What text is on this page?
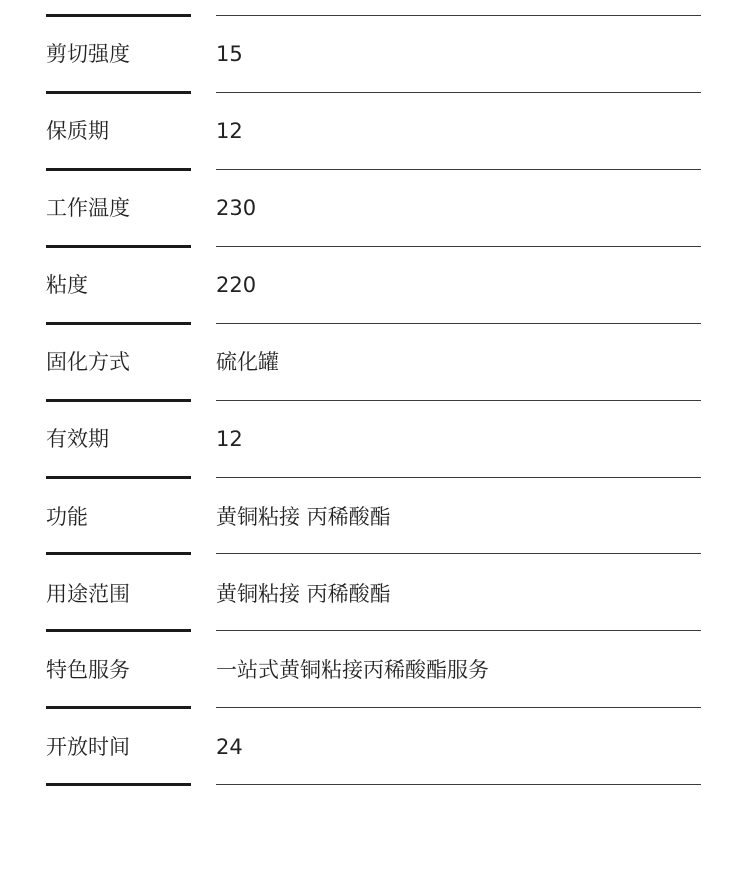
剪切强度	15
保质期	12
工作温度	230
粘度	220
固化方式	硫化罐
有效期	12
功能	黄铜粘接 丙稀酸酯
用途范围	黄铜粘接 丙稀酸酯
特色服务	一站式黄铜粘接丙稀酸酯服务
开放时间	24
